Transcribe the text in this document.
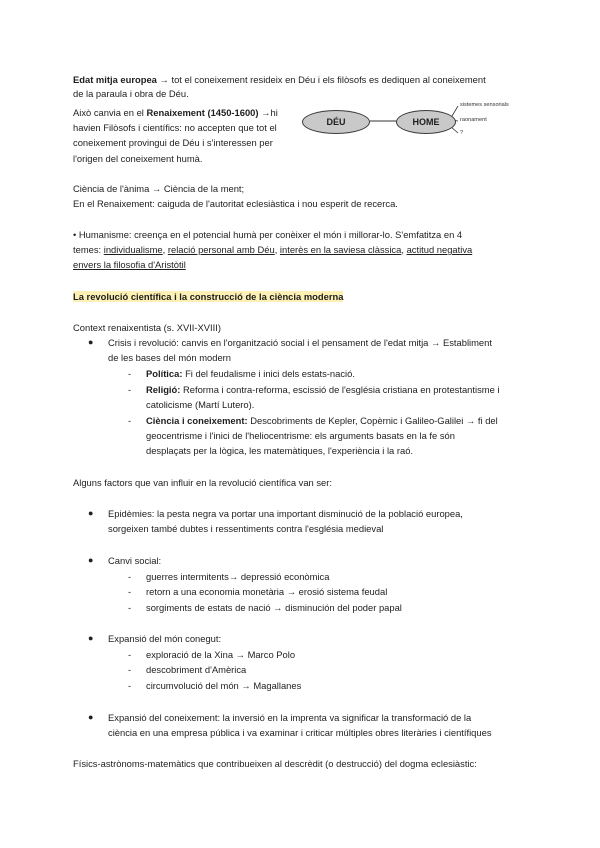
Edat mitja europea → tot el coneixement resideix en Déu i els filòsofs es dediquen al coneixement

de la paraula i obra de Déu.

Això canvia en el Renaixement (1450-1600) →hi

havien Filòsofs i científics: no accepten que tot el

coneixement provingui de Déu i s'interessen per

l'origen del coneixement humà.

DÉU	HOME
sistemes sensorials
raonament
?

Ciència de l'ànima → Ciència de la ment;

En el Renaixement: caiguda de l'autoritat eclesiàstica i nou esperit de recerca.

• Humanisme: creença en el potencial humà per conèixer el món i millorar-lo. S'emfatitza en 4

temes: individualisme, relació personal amb Déu, interès en la saviesa clàssica, actitud negativa

envers la filosofia d'Aristòtil

La revolució científica i la construcció de la ciència moderna

Context renaixentista (s. XVII-XVIII)

● Crisis i revolució: canvis en l'organització social i el pensament de l'edat mitja → Establiment

de les bases del món modern

- Política: Fi del feudalisme i inici dels estats-nació.
- Religió: Reforma i contra-reforma, escissió de l'església cristiana en protestantisme i

catolicisme (Martí Lutero).

- Ciència i coneixement: Descobriments de Kepler, Copèrnic i Galileo-Galilei → fi del

geocentrisme i l'inici de l'heliocentrisme: els arguments basats en la fe són

desplaçats per la lògica, les matemàtiques, l'experiència i la raó.

Alguns factors que van influir en la revolució científica van ser:

● Epidèmies: la pesta negra va portar una important disminució de la població europea,

sorgeixen també dubtes i ressentiments contra l'església medieval

● Canvi social:
- guerres intermitents→ depressió econòmica
- retorn a una economia monetària → erosió sistema feudal
- sorgiments de estats de nació → disminución del poder papal
● Expansió del món conegut:
- exploració de la Xina → Marco Polo
- descobriment d'Amèrica
- circumvolució del món → Magallanes
● Expansió del coneixement: la inversió en la imprenta va significar la transformació de la

ciència en una empresa pública i va examinar i criticar múltiples obres literàries i científiques

Físics-astrònoms-matemàtics que contribueixen al descrèdit (o destrucció) del dogma eclesiàstic:
